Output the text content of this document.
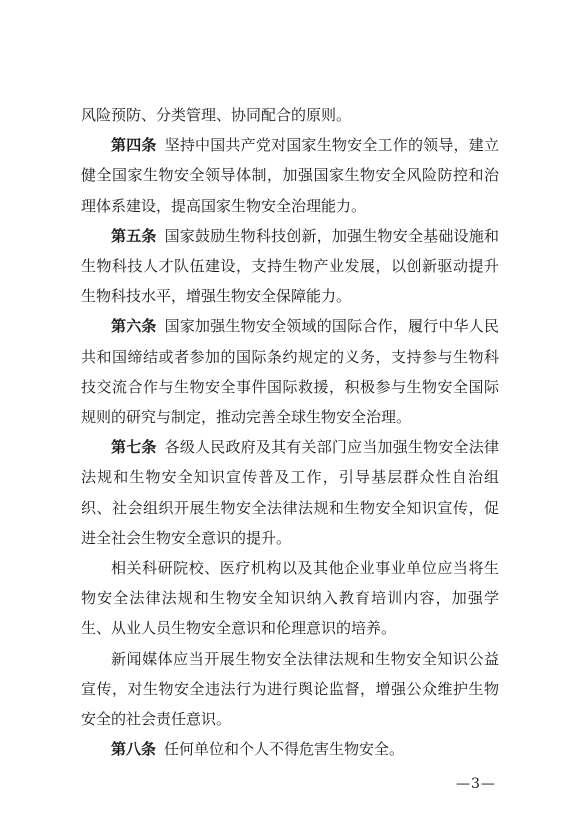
风险预防、分类管理、协同配合的原则。

第四条 坚持中国共产党对国家生物安全工作的领导，建立健全国家生物安全领导体制，加强国家生物安全风险防控和治理体系建设，提高国家生物安全治理能力。

第五条 国家鼓励生物科技创新，加强生物安全基础设施和生物科技人才队伍建设，支持生物产业发展，以创新驱动提升生物科技水平，增强生物安全保障能力。

第六条 国家加强生物安全领域的国际合作，履行中华人民共和国缔结或者参加的国际条约规定的义务，支持参与生物科技交流合作与生物安全事件国际救援，积极参与生物安全国际规则的研究与制定，推动完善全球生物安全治理。

第七条 各级人民政府及其有关部门应当加强生物安全法律法规和生物安全知识宣传普及工作，引导基层群众性自治组织、社会组织开展生物安全法律法规和生物安全知识宣传，促进全社会生物安全意识的提升。

相关科研院校、医疗机构以及其他企业事业单位应当将生物安全法律法规和生物安全知识纳入教育培训内容，加强学生、从业人员生物安全意识和伦理意识的培养。

新闻媒体应当开展生物安全法律法规和生物安全知识公益宣传，对生物安全违法行为进行舆论监督，增强公众维护生物安全的社会责任意识。

第八条 任何单位和个人不得危害生物安全。

—3—
